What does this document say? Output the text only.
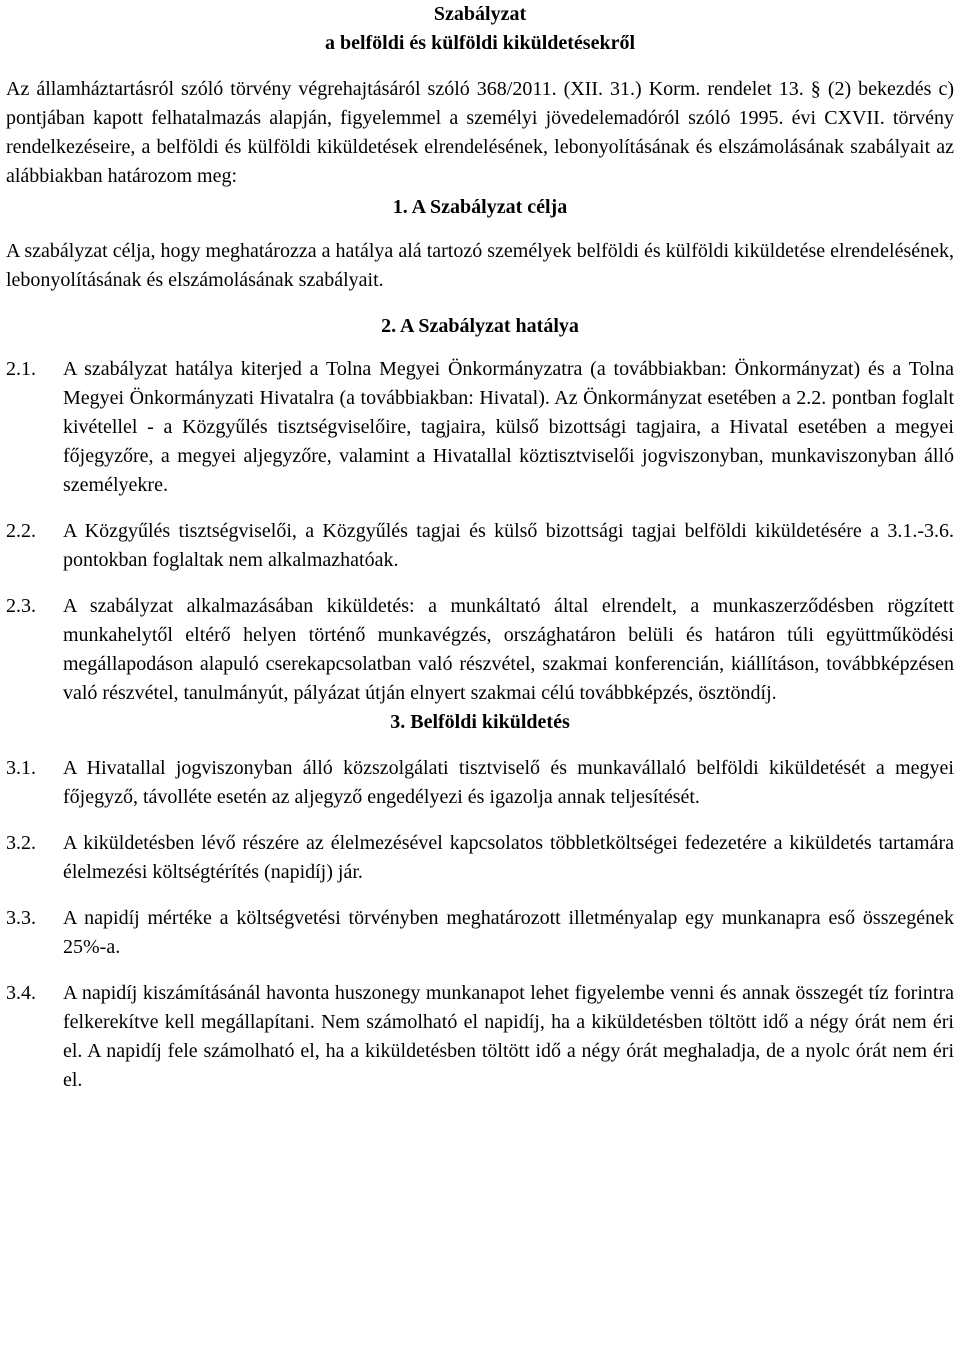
Szabályzat
a belföldi és külföldi kiküldetésekről
Az államháztartásról szóló törvény végrehajtásáról szóló 368/2011. (XII. 31.) Korm. rendelet 13. § (2) bekezdés c) pontjában kapott felhatalmazás alapján, figyelemmel a személyi jövedelemadóról szóló 1995. évi CXVII. törvény rendelkezéseire, a belföldi és külföldi kiküldetések elrendelésének, lebonyolításának és elszámolásának szabályait az alábbiakban határozom meg:
1. A Szabályzat célja
A szabályzat célja, hogy meghatározza a hatálya alá tartozó személyek belföldi és külföldi kiküldetése elrendelésének, lebonyolításának és elszámolásának szabályait.
2. A Szabályzat hatálya
2.1.	A szabályzat hatálya kiterjed a Tolna Megyei Önkormányzatra (a továbbiakban: Önkormányzat) és a Tolna Megyei Önkormányzati Hivatalra (a továbbiakban: Hivatal). Az Önkormányzat esetében a 2.2. pontban foglalt kivétellel - a Közgyűlés tisztségviselőire, tagjaira, külső bizottsági tagjaira, a Hivatal esetében a megyei főjegyzőre, a megyei aljegyzőre, valamint a Hivatallal köztisztviselői jogviszonyban, munkaviszonyban álló személyekre.
2.2.	A Közgyűlés tisztségviselői, a Közgyűlés tagjai és külső bizottsági tagjai belföldi kiküldetésére a 3.1.-3.6. pontokban foglaltak nem alkalmazhatóak.
2.3.	A szabályzat alkalmazásában kiküldetés: a munkáltató által elrendelt, a munkaszerződésben rögzített munkahelytől eltérő helyen történő munkavégzés, országhatáron belüli és határon túli együttműködési megállapodáson alapuló cserekapcsolatban való részvétel, szakmai konferencián, kiállításon, továbbképzésen való részvétel, tanulmányút, pályázat útján elnyert szakmai célú továbbképzés, ösztöndíj.
3. Belföldi kiküldetés
3.1.	A Hivatallal jogviszonyban álló közszolgálati tisztviselő és munkavállaló belföldi kiküldetését a megyei főjegyző, távolléte esetén az aljegyző engedélyezi és igazolja annak teljesítését.
3.2.	A kiküldetésben lévő részére az élelmezésével kapcsolatos többletköltségei fedezetére a kiküldetés tartamára élelmezési költségtérítés (napidíj) jár.
3.3.	A napidíj mértéke a költségvetési törvényben meghatározott illetményalap egy munkanapra eső összegének 25%-a.
3.4.	A napidíj kiszámításánál havonta huszonegy munkanapot lehet figyelembe venni és annak összegét tíz forintra felkerekítve kell megállapítani. Nem számolható el napidíj, ha a kiküldetésben töltött idő a négy órát nem éri el. A napidíj fele számolható el, ha a kiküldetésben töltött idő a négy órát meghaladja, de a nyolc órát nem éri el.
